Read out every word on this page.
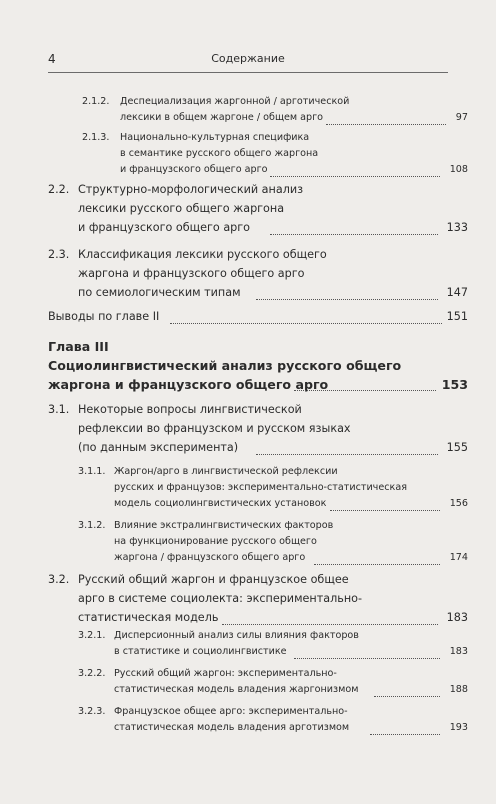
4	Содержание
2.1.2. Деспециализация жаргонной / арготической
лексики в общем жаргоне / общем арго	97
2.1.3. Национально-культурная специфика
в семантике русского общего жаргона
и французского общего арго	108
2.2. Структурно-морфологический анализ
лексики русского общего жаргона
и французского общего арго	133
2.3. Классификация лексики русского общего
жаргона и французского общего арго
по семиологическим типам	147
Выводы по главе II	151
Глава III
Социолингвистический анализ русского общего
жаргона и французского общего арго	153
3.1. Некоторые вопросы лингвистической
рефлексии во французском и русском языках
(по данным эксперимента)	155
3.1.1. Жаргон/арго в лингвистической рефлексии
русских и французов: экспериментально-статистическая
модель социолингвистических установок	156
3.1.2. Влияние экстралингвистических факторов
на функционирование русского общего
жаргона / французского общего арго	174
3.2. Русский общий жаргон и французское общее
арго в системе социолекта: экспериментально-
статистическая модель	183
3.2.1. Дисперсионный анализ силы влияния факторов
в статистике и социолингвистике	183
3.2.2. Русский общий жаргон: экспериментально-
статистическая модель владения жаргонизмом	188
3.2.3. Французское общее арго: экспериментально-
статистическая модель владения арготизмом	193
